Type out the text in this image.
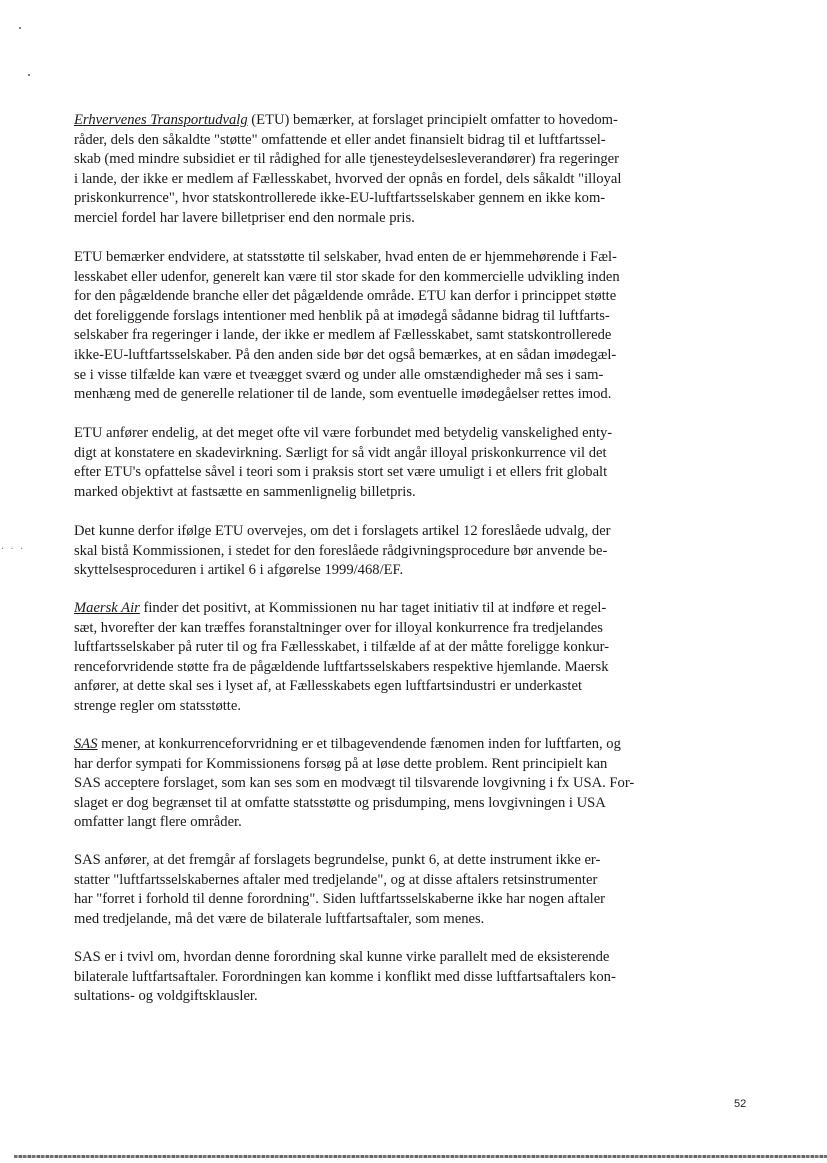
· · ·

Erhvervenes Transportudvalg (ETU) bemærker, at forslaget principielt omfatter to hovedom-
råder, dels den såkaldte "støtte" omfattende et eller andet finansielt bidrag til et luftfartssel-
skab (med mindre subsidiet er til rådighed for alle tjenesteydelsesleverandører) fra regeringer
i lande, der ikke er medlem af Fællesskabet, hvorved der opnås en fordel, dels såkaldt "illoyal
priskonkurrence", hvor statskontrollerede ikke-EU-luftfartsselskaber gennem en ikke kom-
merciel fordel har lavere billetpriser end den normale pris.

ETU bemærker endvidere, at statsstøtte til selskaber, hvad enten de er hjemmehørende i Fæl-
lesskabet eller udenfor, generelt kan være til stor skade for den kommercielle udvikling inden
for den pågældende branche eller det pågældende område. ETU kan derfor i princippet støtte
det foreliggende forslags intentioner med henblik på at imødegå sådanne bidrag til luftfarts-
selskaber fra regeringer i lande, der ikke er medlem af Fællesskabet, samt statskontrollerede
ikke-EU-luftfartsselskaber. På den anden side bør det også bemærkes, at en sådan imødegæl-
se i visse tilfælde kan være et tveægget sværd og under alle omstændigheder må ses i sam-
menhæng med de generelle relationer til de lande, som eventuelle imødegåelser rettes imod.

ETU anfører endelig, at det meget ofte vil være forbundet med betydelig vanskelighed enty-
digt at konstatere en skadevirkning. Særligt for så vidt angår illoyal priskonkurrence vil det
efter ETU's opfattelse såvel i teori som i praksis stort set være umuligt i et ellers frit globalt
marked objektivt at fastsætte en sammenlignelig billetpris.

Det kunne derfor ifølge ETU overvejes, om det i forslagets artikel 12 foreslåede udvalg, der
skal bistå Kommissionen, i stedet for den foreslåede rådgivningsprocedure bør anvende be-
skyttelsesproceduren i artikel 6 i afgørelse 1999/468/EF.

Maersk Air finder det positivt, at Kommissionen nu har taget initiativ til at indføre et regel-
sæt, hvorefter der kan træffes foranstaltninger over for illoyal konkurrence fra tredjelandes
luftfartsselskaber på ruter til og fra Fællesskabet, i tilfælde af at der måtte foreligge konkur-
renceforvridende støtte fra de pågældende luftfartsselskabers respektive hjemlande. Maersk
anfører, at dette skal ses i lyset af, at Fællesskabets egen luftfartsindustri er underkastet
strenge regler om statsstøtte.

SAS mener, at konkurrenceforvridning er et tilbagevendende fænomen inden for luftfarten, og
har derfor sympati for Kommissionens forsøg på at løse dette problem. Rent principielt kan
SAS acceptere forslaget, som kan ses som en modvægt til tilsvarende lovgivning i fx USA. For-
slaget er dog begrænset til at omfatte statsstøtte og prisdumping, mens lovgivningen i USA
omfatter langt flere områder.

SAS anfører, at det fremgår af forslagets begrundelse, punkt 6, at dette instrument ikke er-
statter "luftfartsselskabernes aftaler med tredjelande", og at disse aftalers retsinstrumenter
har "forret i forhold til denne forordning". Siden luftfartsselskaberne ikke har nogen aftaler
med tredjelande, må det være de bilaterale luftfartsaftaler, som menes.

SAS er i tvivl om, hvordan denne forordning skal kunne virke parallelt med de eksisterende
bilaterale luftfartsaftaler. Forordningen kan komme i konflikt med disse luftfartsaftalers kon-
sultations- og voldgiftsklausler.

52
